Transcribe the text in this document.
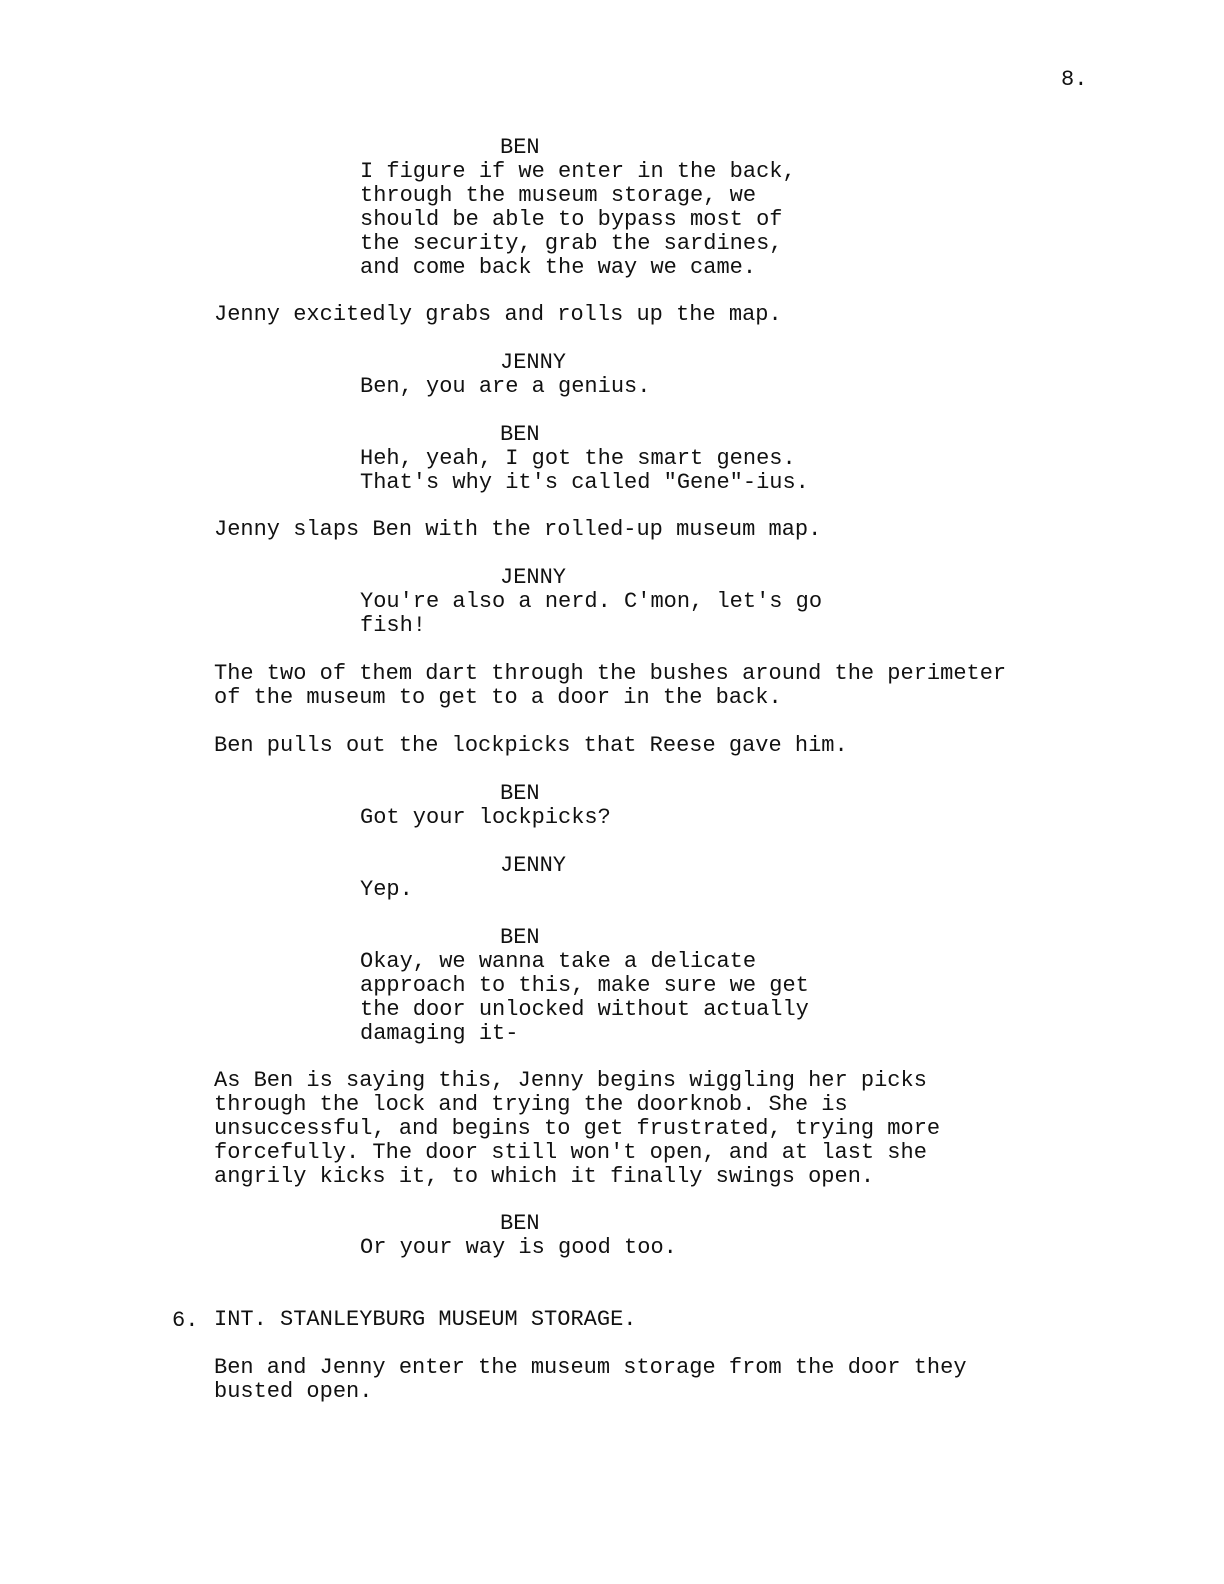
8.
BEN
I figure if we enter in the back,
through the museum storage, we
should be able to bypass most of
the security, grab the sardines,
and come back the way we came.
Jenny excitedly grabs and rolls up the map.
JENNY
Ben, you are a genius.
BEN
Heh, yeah, I got the smart genes.
That's why it's called "Gene"-ius.
Jenny slaps Ben with the rolled-up museum map.
JENNY
You're also a nerd. C'mon, let's go
fish!
The two of them dart through the bushes around the perimeter
of the museum to get to a door in the back.
Ben pulls out the lockpicks that Reese gave him.
BEN
Got your lockpicks?
JENNY
Yep.
BEN
Okay, we wanna take a delicate
approach to this, make sure we get
the door unlocked without actually
damaging it-
As Ben is saying this, Jenny begins wiggling her picks
through the lock and trying the doorknob. She is
unsuccessful, and begins to get frustrated, trying more
forcefully. The door still won't open, and at last she
angrily kicks it, to which it finally swings open.
BEN
Or your way is good too.
6. INT. STANLEYBURG MUSEUM STORAGE.
Ben and Jenny enter the museum storage from the door they
busted open.
